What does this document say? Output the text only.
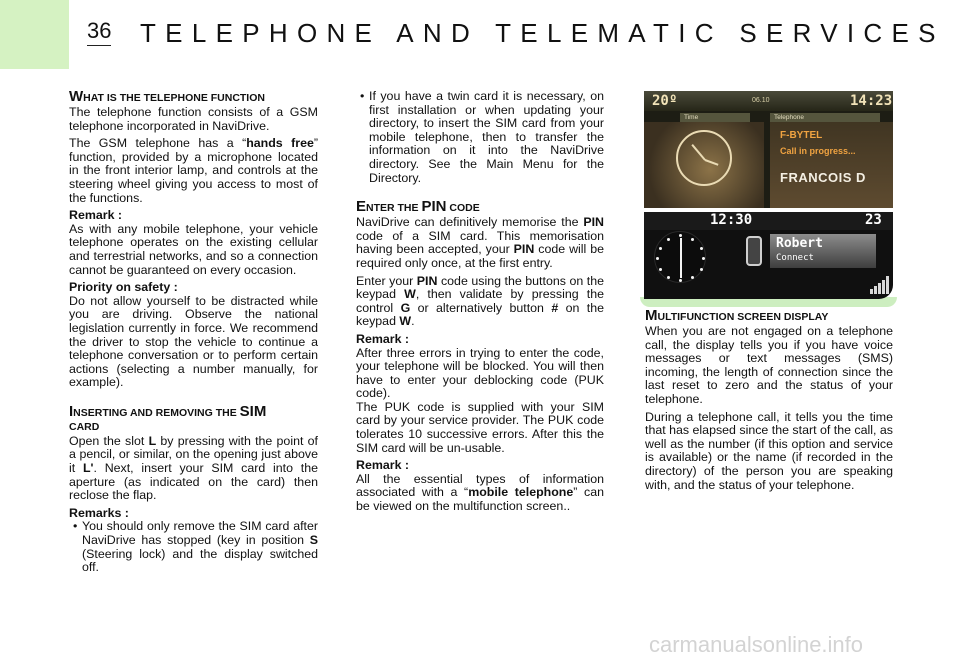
36 TELEPHONE AND TELEMATIC SERVICES
WHAT IS THE TELEPHONE FUNCTION

The telephone function consists of a GSM telephone incorporated in NaviDrive.

The GSM telephone has a “hands free” function, provided by a microphone located in the front interior lamp, and controls at the steering wheel giving you access to most of the functions.

Remark :

As with any mobile telephone, your vehicle telephone operates on the existing cellular and terrestrial networks, and so a connection cannot be guaranteed on every occasion.

Priority on safety :

Do not allow yourself to be distracted while you are driving. Observe the national legislation currently in force. We recommend the driver to stop the vehicle to continue a telephone conversation or to perform certain actions (selecting a number manually, for example).

INSERTING AND REMOVING THE SIM
CARD

Open the slot L by pressing with the point of a pencil, or similar, on the opening just above it L'. Next, insert your SIM card into the aperture (as indicated on the card) then reclose the flap.

Remarks :

• You should only remove the SIM card after NaviDrive has stopped (key in position S (Steering lock) and the display switched off.

• If you have a twin card it is necessary, on first installation or when updating your directory, to insert the SIM card from your mobile telephone, then to transfer the information on it into the NaviDrive directory. See the Main Menu for the Directory.

ENTER THE PIN CODE

NaviDrive can definitively memorise the PIN code of a SIM card. This memorisation having been accepted, your PIN code will be required only once, at the first entry.

Enter your PIN code using the buttons on the keypad W, then validate by pressing the control G or alternatively button # on the keypad W.

Remark :
After three errors in trying to enter the code, your telephone will be blocked. You will then have to enter your deblocking code (PUK code).

The PUK code is supplied with your SIM card by your service provider. The PUK code tolerates 10 successive errors. After this the SIM card will be un-usable.

Remark :

All the essential types of information associated with a “mobile telephone” can be viewed on the multifunction screen..

20º	06.10	14:23
Time	Telephone
F-BYTEL
Call in progress...
FRANCOIS D
12:30	23
Robert
Connect
MULTIFUNCTION SCREEN DISPLAY

When you are not engaged on a telephone call, the display tells you if you have voice messages or text messages (SMS) incoming, the length of connection since the last reset to zero and the status of your telephone.

During a telephone call, it tells you the time that has elapsed since the start of the call, as well as the number (if this option and service is available) or the name (if recorded in the directory) of the person you are speaking with, and the status of your telephone.

carmanualsonline.info
